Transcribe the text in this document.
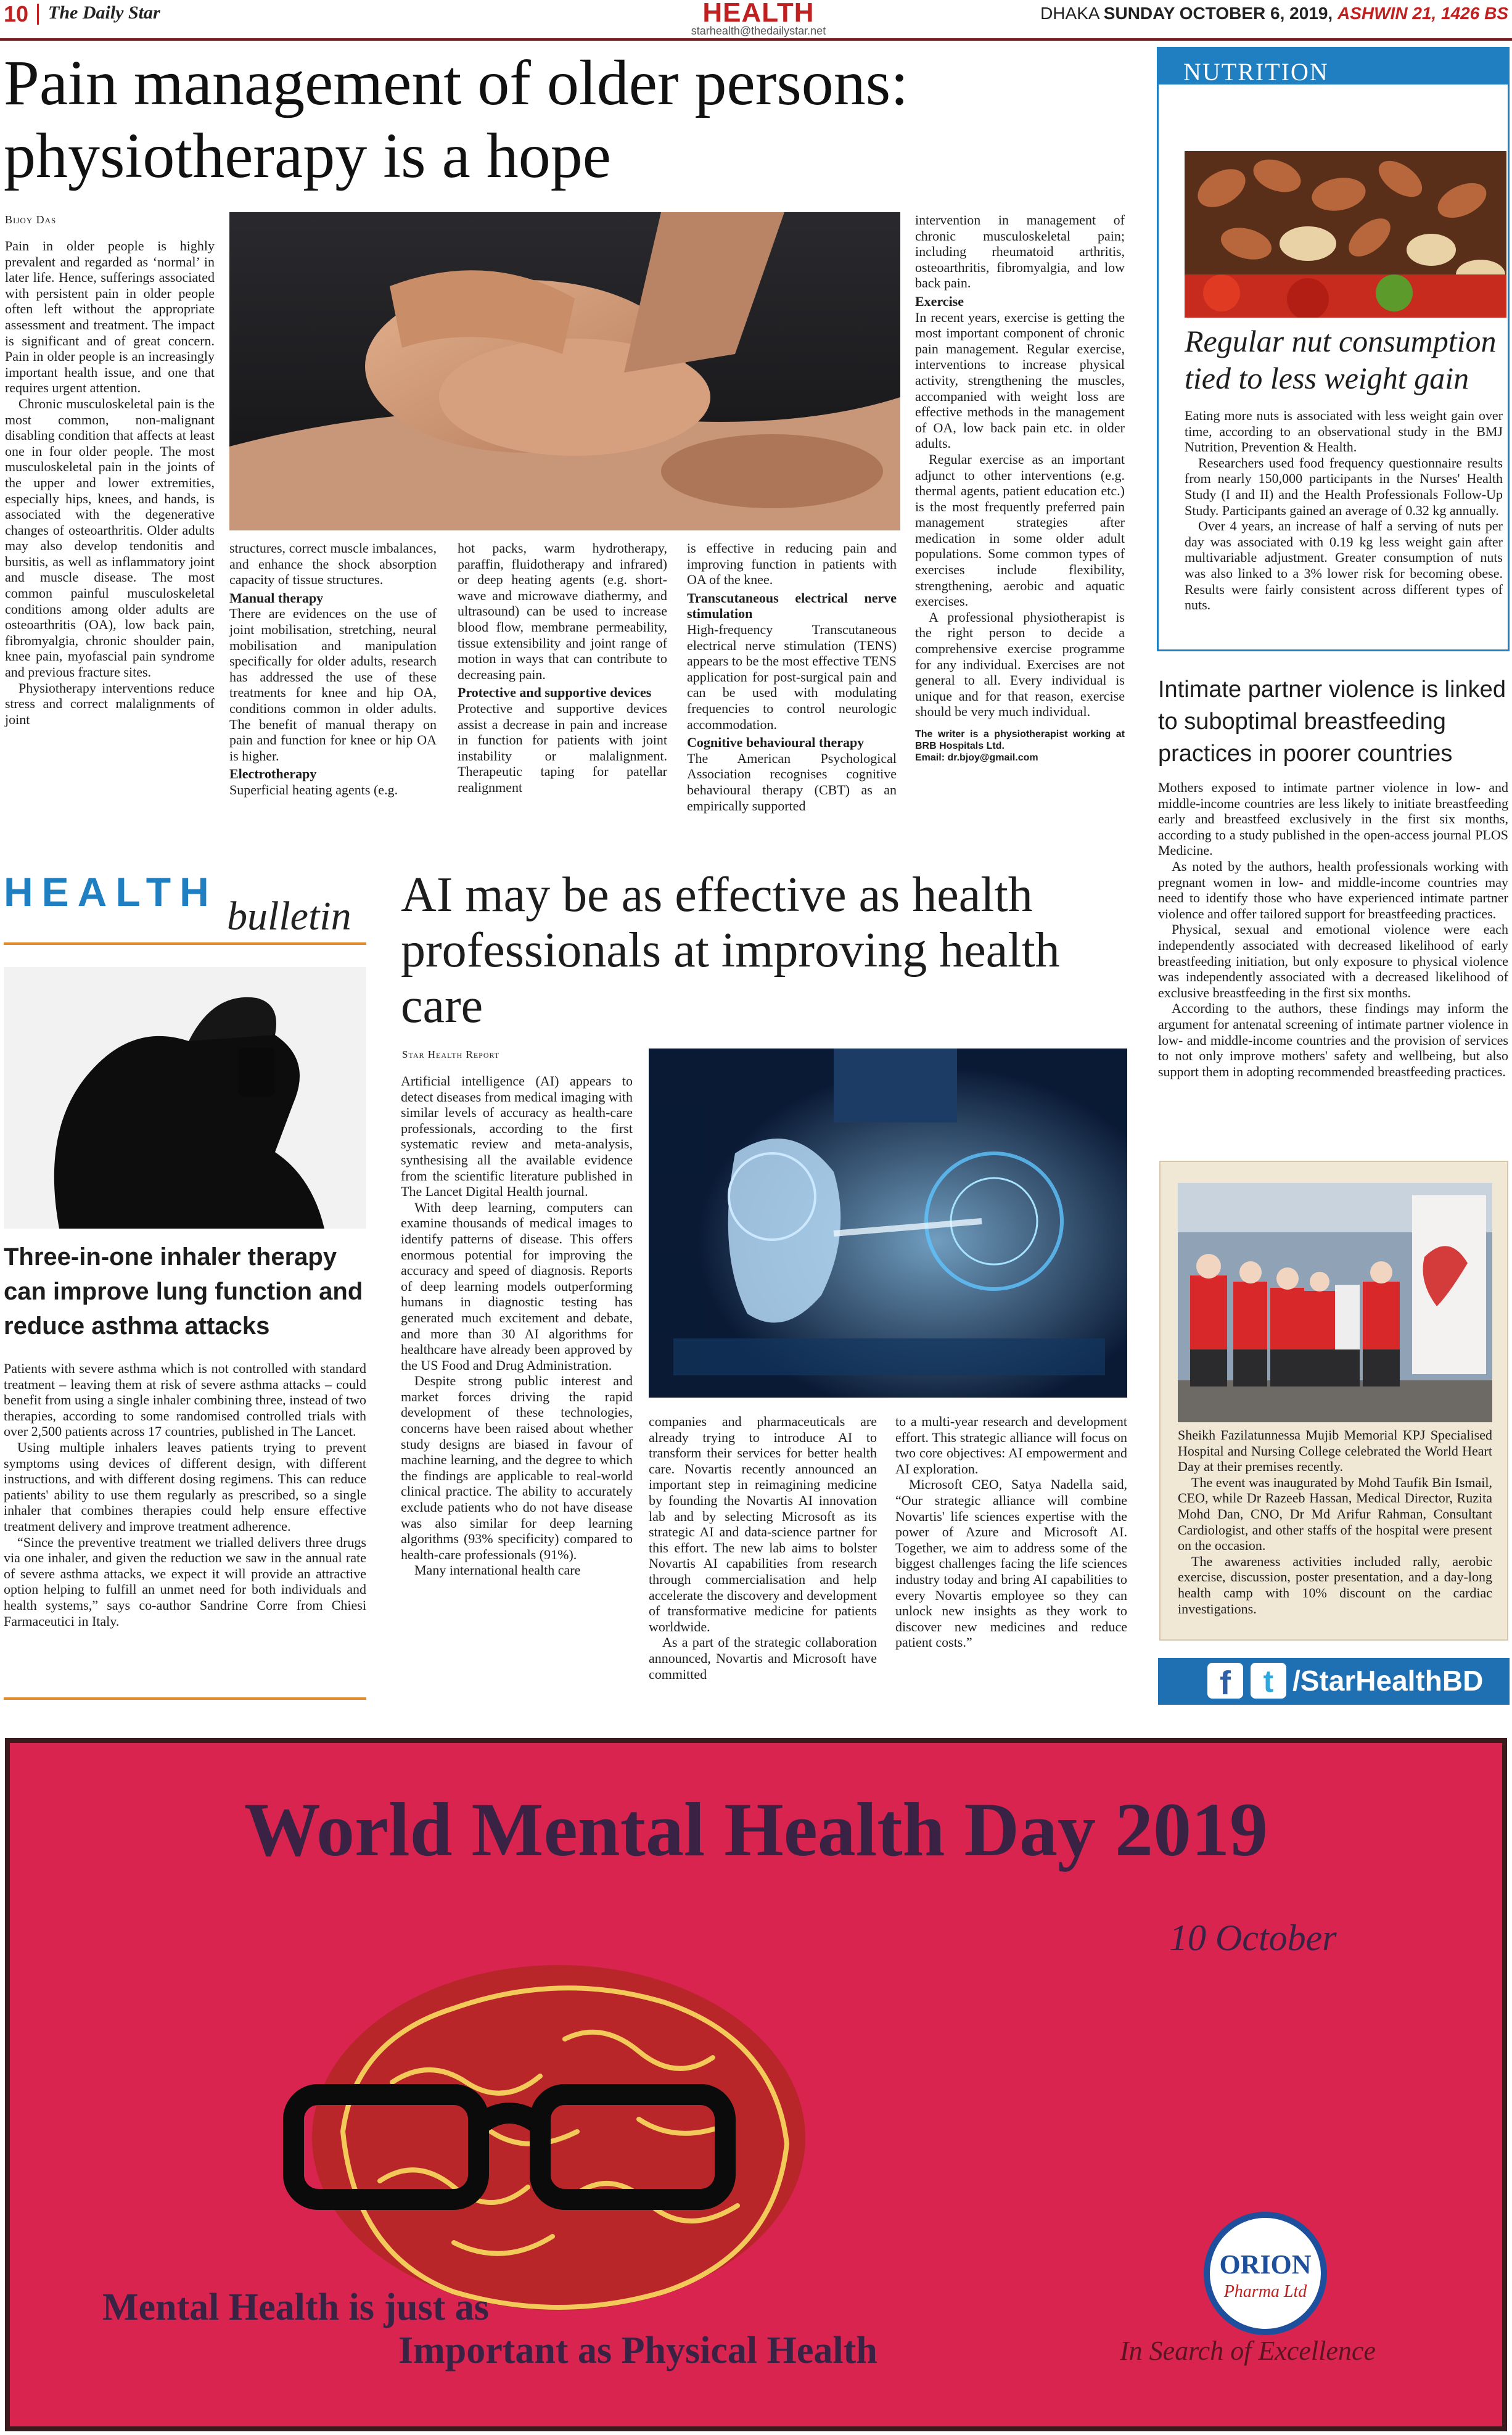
10 The Daily Star	HEALTH
starhealth@thedailystar.net
DHAKA SUNDAY OCTOBER 6, 2019, ASHWIN 21, 1426 BS
Pain management of older persons: physiotherapy is a hope
Bijoy Das

Pain in older people is highly prevalent and regarded as ‘normal’ in later life. Hence, sufferings associated with persistent pain in older people often left without the appropriate assessment and treatment. The impact is significant and of great concern. Pain in older people is an increasingly important health issue, and one that requires urgent attention.

Chronic musculoskeletal pain is the most common, non-malignant disabling condition that affects at least one in four older people. The most musculoskeletal pain in the joints of the upper and lower extremities, especially hips, knees, and hands, is associated with the degenerative changes of osteoarthritis. Older adults may also develop tendonitis and bursitis, as well as inflammatory joint and muscle disease. The most common painful musculoskeletal conditions among older adults are osteoarthritis (OA), low back pain, fibromyalgia, chronic shoulder pain, knee pain, myofascial pain syndrome and previous fracture sites.

Physiotherapy interventions reduce stress and correct malalignments of joint

structures, correct muscle imbalances, and enhance the shock absorption capacity of tissue structures.

Manual therapy

There are evidences on the use of joint mobilisation, stretching, neural mobilisation and manipulation specifically for older adults, research has addressed the use of these treatments for knee and hip OA, conditions common in older adults. The benefit of manual therapy on pain and function for knee or hip OA is higher.

Electrotherapy

Superficial heating agents (e.g.

hot packs, warm hydrotherapy, paraffin, fluidotherapy and infrared) or deep heating agents (e.g. short-wave and microwave diathermy, and ultrasound) can be used to increase blood flow, membrane permeability, tissue extensibility and joint range of motion in ways that can contribute to decreasing pain.

Protective and supportive devices

Protective and supportive devices assist a decrease in pain and increase in function for patients with joint instability or malalignment. Therapeutic taping for patellar realignment

is effective in reducing pain and improving function in patients with OA of the knee.

Transcutaneous electrical nerve stimulation

High-frequency Transcutaneous electrical nerve stimulation (TENS) appears to be the most effective TENS application for post-surgical pain and can be used with modulating frequencies to control neurologic accommodation.

Cognitive behavioural therapy

The American Psychological Association recognises cognitive behavioural therapy (CBT) as an empirically supported

intervention in management of chronic musculoskeletal pain; including rheumatoid arthritis, osteoarthritis, fibromyalgia, and low back pain.

Exercise

In recent years, exercise is getting the most important component of chronic pain management. Regular exercise, interventions to increase physical activity, strengthening the muscles, accompanied with weight loss are effective methods in the management of OA, low back pain etc. in older adults.

Regular exercise as an important adjunct to other interventions (e.g. thermal agents, patient education etc.) is the most frequently preferred pain management strategies after medication in some older adult populations. Some common types of exercises include flexibility, strengthening, aerobic and aquatic exercises.

A professional physiotherapist is the right person to decide a comprehensive exercise programme for any individual. Exercises are not general to all. Every individual is unique and for that reason, exercise should be very much individual.

The writer is a physiotherapist working at BRB Hospitals Ltd.
Email: dr.bjoy@gmail.com
NUTRITION
Regular nut consumption tied to less weight gain

Eating more nuts is associated with less weight gain over time, according to an observational study in the BMJ Nutrition, Prevention & Health.

Researchers used food frequency questionnaire results from nearly 150,000 participants in the Nurses' Health Study (I and II) and the Health Professionals Follow-Up Study. Participants gained an average of 0.32 kg annually.

Over 4 years, an increase of half a serving of nuts per day was associated with 0.19 kg less weight gain after multivariable adjustment. Greater consumption of nuts was also linked to a 3% lower risk for becoming obese. Results were fairly consistent across different types of nuts.

Intimate partner violence is linked to suboptimal breastfeeding practices in poorer countries

Mothers exposed to intimate partner violence in low- and middle-income countries are less likely to initiate breastfeeding early and breastfeed exclusively in the first six months, according to a study published in the open-access journal PLOS Medicine.

As noted by the authors, health professionals working with pregnant women in low- and middle-income countries may need to identify those who have experienced intimate partner violence and offer tailored support for breastfeeding practices.

Physical, sexual and emotional violence were each independently associated with decreased likelihood of early breastfeeding initiation, but only exposure to physical violence was independently associated with a decreased likelihood of exclusive breastfeeding in the first six months.

According to the authors, these findings may inform the argument for antenatal screening of intimate partner violence in low- and middle-income countries and the provision of services to not only improve mothers' safety and wellbeing, but also support them in adopting recommended breastfeeding practices.

Sheikh Fazilatunnessa Mujib Memorial KPJ Specialised Hospital and Nursing College celebrated the World Heart Day at their premises recently.

The event was inaugurated by Mohd Taufik Bin Ismail, CEO, while Dr Razeeb Hassan, Medical Director, Ruzita Mohd Dan, CNO, Dr Md Arifur Rahman, Consultant Cardiologist, and other staffs of the hospital were present on the occasion.

The awareness activities included rally, aerobic exercise, discussion, poster presentation, and a day-long health camp with 10% discount on the cardiac investigations.

f	t /StarHealthBD
HEALTH
bulletin
Three-in-one inhaler therapy can improve lung function and reduce asthma attacks

Patients with severe asthma which is not controlled with standard treatment – leaving them at risk of severe asthma attacks – could benefit from using a single inhaler combining three, instead of two therapies, according to some randomised controlled trials with over 2,500 patients across 17 countries, published in The Lancet.

Using multiple inhalers leaves patients trying to prevent symptoms using devices of different design, with different instructions, and with different dosing regimens. This can reduce patients' ability to use them regularly as prescribed, so a single inhaler that combines therapies could help ensure effective treatment delivery and improve treatment adherence.

“Since the preventive treatment we trialled delivers three drugs via one inhaler, and given the reduction we saw in the annual rate of severe asthma attacks, we expect it will provide an attractive option helping to fulfill an unmet need for both individuals and health systems,” says co-author Sandrine Corre from Chiesi Farmaceutici in Italy.

AI may be as effective as health professionals at improving health care
Star Health Report

Artificial intelligence (AI) appears to detect diseases from medical imaging with similar levels of accuracy as health-care professionals, according to the first systematic review and meta-analysis, synthesising all the available evidence from the scientific literature published in The Lancet Digital Health journal.

With deep learning, computers can examine thousands of medical images to identify patterns of disease. This offers enormous potential for improving the accuracy and speed of diagnosis. Reports of deep learning models outperforming humans in diagnostic testing has generated much excitement and debate, and more than 30 AI algorithms for healthcare have already been approved by the US Food and Drug Administration.

Despite strong public interest and market forces driving the rapid development of these technologies, concerns have been raised about whether study designs are biased in favour of machine learning, and the degree to which the findings are applicable to real-world clinical practice. The ability to accurately exclude patients who do not have disease was also similar for deep learning algorithms (93% specificity) compared to health-care professionals (91%).

Many international health care

companies and pharmaceuticals are already trying to introduce AI to transform their services for better health care. Novartis recently announced an important step in reimagining medicine by founding the Novartis AI innovation lab and by selecting Microsoft as its strategic AI and data-science partner for this effort. The new lab aims to bolster Novartis AI capabilities from research through commercialisation and help accelerate the discovery and development of transformative medicine for patients worldwide.

As a part of the strategic collaboration announced, Novartis and Microsoft have committed

to a multi-year research and development effort. This strategic alliance will focus on two core objectives: AI empowerment and AI exploration.

Microsoft CEO, Satya Nadella said, “Our strategic alliance will combine Novartis' life sciences expertise with the power of Azure and Microsoft AI. Together, we aim to address some of the biggest challenges facing the life sciences industry today and bring AI capabilities to every Novartis employee so they can unlock new insights as they work to discover new medicines and reduce patient costs.”

World Mental Health Day 2019
10 October
Mental Health is just as
Important as Physical Health
ORION
Pharma Ltd
In Search of Excellence
